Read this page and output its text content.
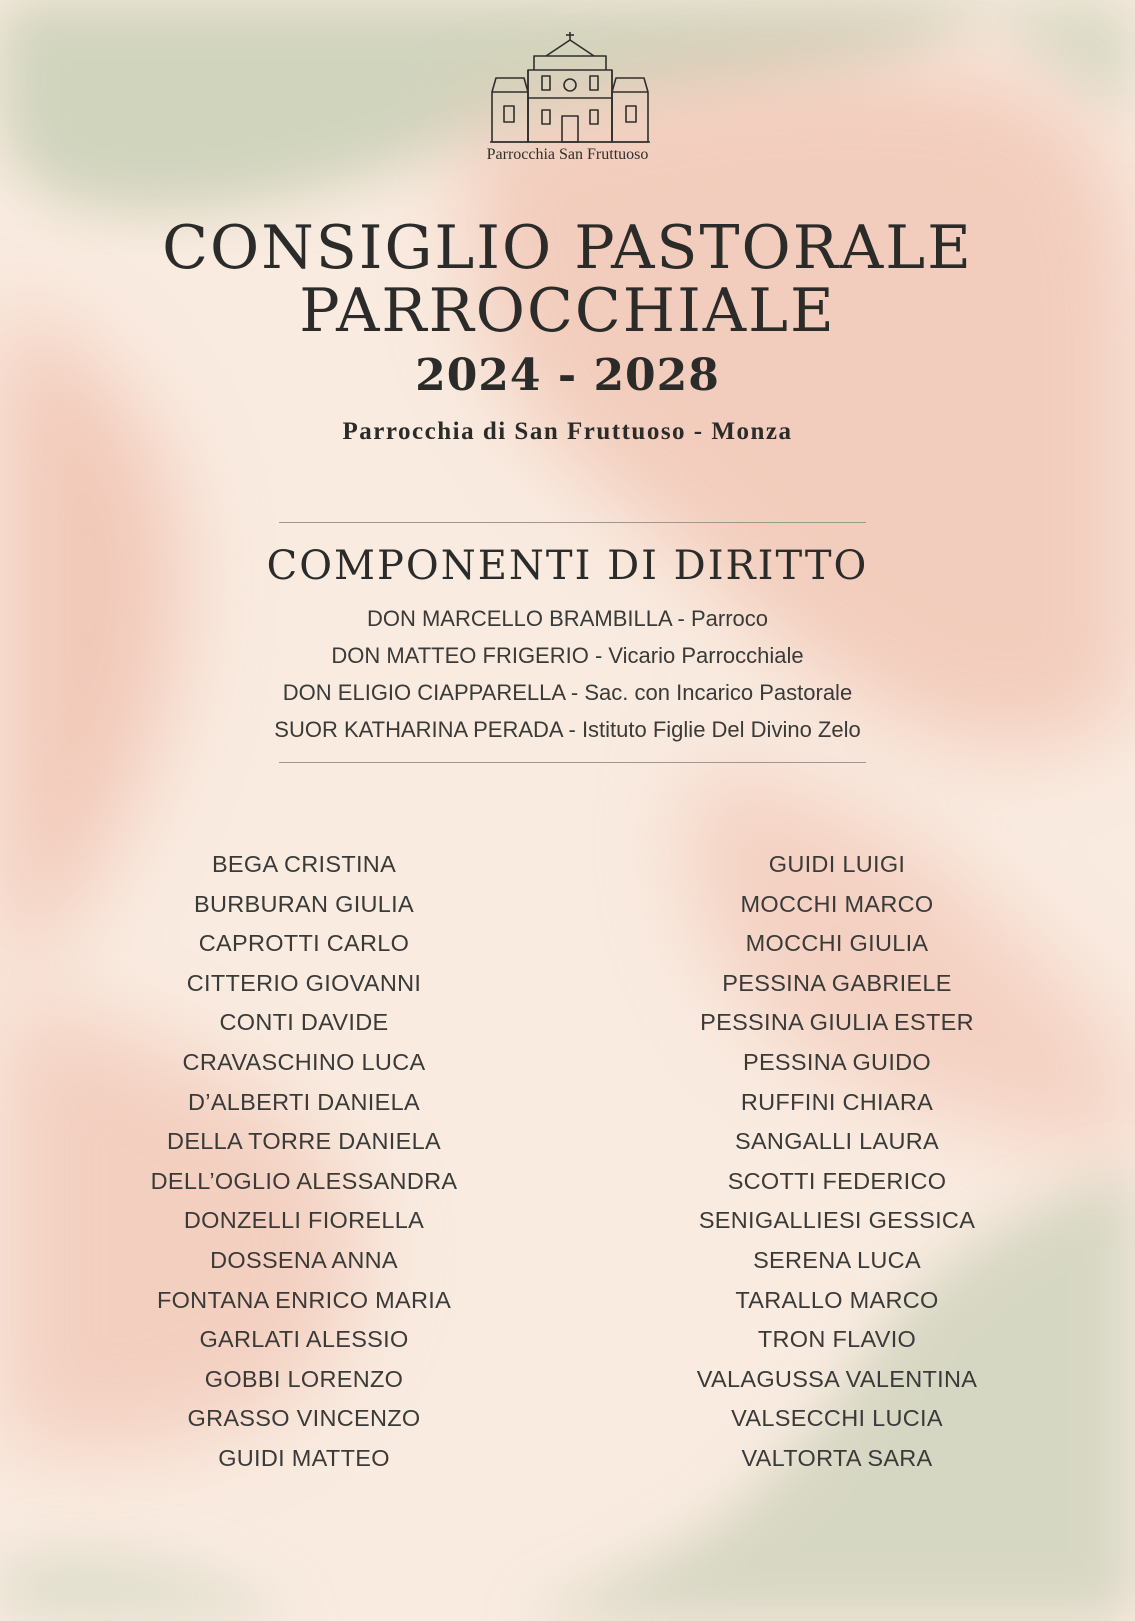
Parrocchia San Fruttuoso
CONSIGLIO PASTORALE
PARROCCHIALE
2024 - 2028
Parrocchia di San Fruttuoso - Monza
COMPONENTI DI DIRITTO
DON MARCELLO BRAMBILLA - Parroco
DON MATTEO FRIGERIO - Vicario Parrocchiale
DON ELIGIO CIAPPARELLA - Sac. con Incarico Pastorale
SUOR KATHARINA PERADA - Istituto Figlie Del Divino Zelo
BEGA CRISTINA
BURBURAN GIULIA
CAPROTTI CARLO
CITTERIO GIOVANNI
CONTI DAVIDE
CRAVASCHINO LUCA
D’ALBERTI DANIELA
DELLA TORRE DANIELA
DELL’OGLIO ALESSANDRA
DONZELLI FIORELLA
DOSSENA ANNA
FONTANA ENRICO MARIA
GARLATI ALESSIO
GOBBI LORENZO
GRASSO VINCENZO
GUIDI MATTEO
GUIDI LUIGI
MOCCHI MARCO
MOCCHI GIULIA
PESSINA GABRIELE
PESSINA GIULIA ESTER
PESSINA GUIDO
RUFFINI CHIARA
SANGALLI LAURA
SCOTTI FEDERICO
SENIGALLIESI GESSICA
SERENA LUCA
TARALLO MARCO
TRON FLAVIO
VALAGUSSA VALENTINA
VALSECCHI LUCIA
VALTORTA SARA
